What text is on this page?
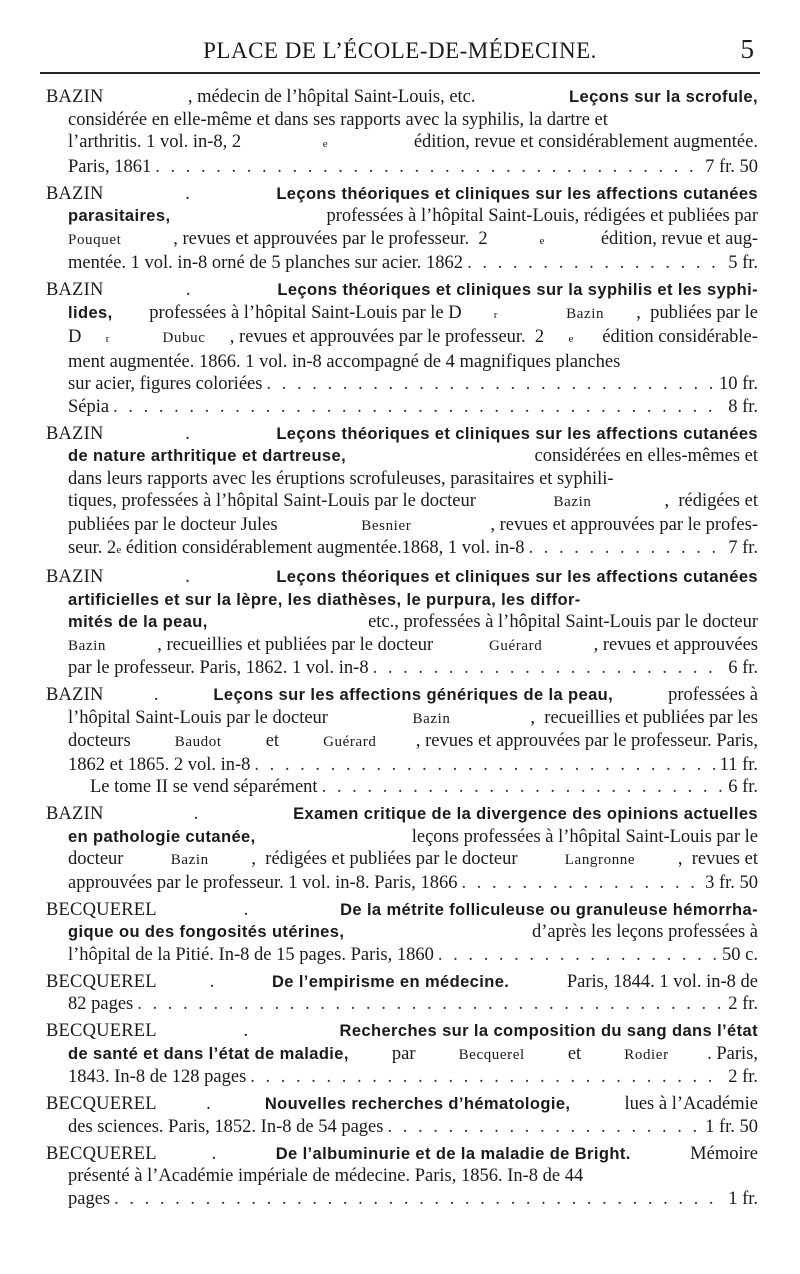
PLACE DE L’ÉCOLE-DE-MÉDECINE.	5
BAZIN	, médecin de l’hôpital Saint-Louis, etc.	Leçons sur la scrofule,
considérée en elle-même et dans ses rapports avec la syphilis, la dartre et
l’arthritis. 1 vol. in-8, 2	e	édition, revue et considérablement augmentée.
Paris, 1861 . . .	7 fr. 50
BAZIN	.	Leçons théoriques et cliniques sur les affections cutanées
parasitaires,	professées à l’hôpital Saint-Louis, rédigées et publiées par
Pouquet	, revues et approuvées par le professeur.  2	e	édition, revue et aug-
mentée. 1 vol. in-8 orné de 5 planches sur acier. 1862 . . .	5 fr.
BAZIN	.	Leçons théoriques et cliniques sur la syphilis et les syphi-
lides, professées à l’hôpital Saint-Louis par le D	r
	Bazin ,  publiées par le
D r
	Dubuc , revues et approuvées par le professeur.  2 e édition considérable-
ment augmentée. 1866. 1 vol. in-8 accompagné de 4 magnifiques planches
sur acier, figures coloriées . . .	10 fr.
Sépia . . .	8 fr.
BAZIN	.	Leçons théoriques et cliniques sur les affections cutanées
de nature arthritique et dartreuse,	considérées en elles-mêmes et
dans leurs rapports avec les éruptions scrofuleuses, parasitaires et syphili-
tiques, professées à l’hôpital Saint-Louis par le docteur	Bazin	,  rédigées et
publiées par le docteur Jules	Besnier	, revues et approuvées par le profes-
seur. 2 e édition considérablement augmentée.1868, 1 vol. in-8 . . .	7 fr.
BAZIN	.	Leçons théoriques et cliniques sur les affections cutanées
artificielles et sur la lèpre, les diathèses, le purpura, les diffor-
mités de la peau,	etc., professées à l’hôpital Saint-Louis par le docteur
Bazin	, recueillies et publiées par le docteur	Guérard	, revues et approuvées
par le professeur. Paris, 1862. 1 vol. in-8 . . .	6 fr.
BAZIN	.	Leçons sur les affections génériques de la peau,	professées à
l’hôpital Saint-Louis par le docteur	Bazin	,  recueillies et publiées par les
docteurs	Baudot et	Guérard , revues et approuvées par le professeur. Paris,
1862 et 1865. 2 vol. in-8 . . .	11 fr.
Le tome II se vend séparément . . .	6 fr.
BAZIN	.	Examen critique de la divergence des opinions actuelles
en pathologie cutanée,	leçons professées à l’hôpital Saint-Louis par le
docteur	Bazin ,  rédigées et publiées par le docteur	Langronne ,  revues et
approuvées par le professeur. 1 vol. in-8. Paris, 1866 . . .	3 fr. 50
BECQUEREL	.	De la métrite folliculeuse ou granuleuse hémorrha-
gique ou des fongosités utérines,	d’après les leçons professées à
l’hôpital de la Pitié. In-8 de 15 pages. Paris, 1860 . . .	50 c.
BECQUEREL	.	De l’empirisme en médecine.	Paris, 1844. 1 vol. in-8 de
82 pages . . .	2 fr.
BECQUEREL	.	Recherches sur la composition du sang dans l’état
de santé et dans l’état de maladie, par	Becquerel et	Rodier . Paris,
1843. In-8 de 128 pages . . .	2 fr.
BECQUEREL	.	Nouvelles recherches d’hématologie,	lues à l’Académie
des sciences. Paris, 1852. In-8 de 54 pages . . .	1 fr. 50
BECQUEREL	.	De l’albuminurie et de la maladie de Bright.	Mémoire
présenté à l’Académie impériale de médecine. Paris, 1856. In-8 de 44
pages . . .	1 fr.
